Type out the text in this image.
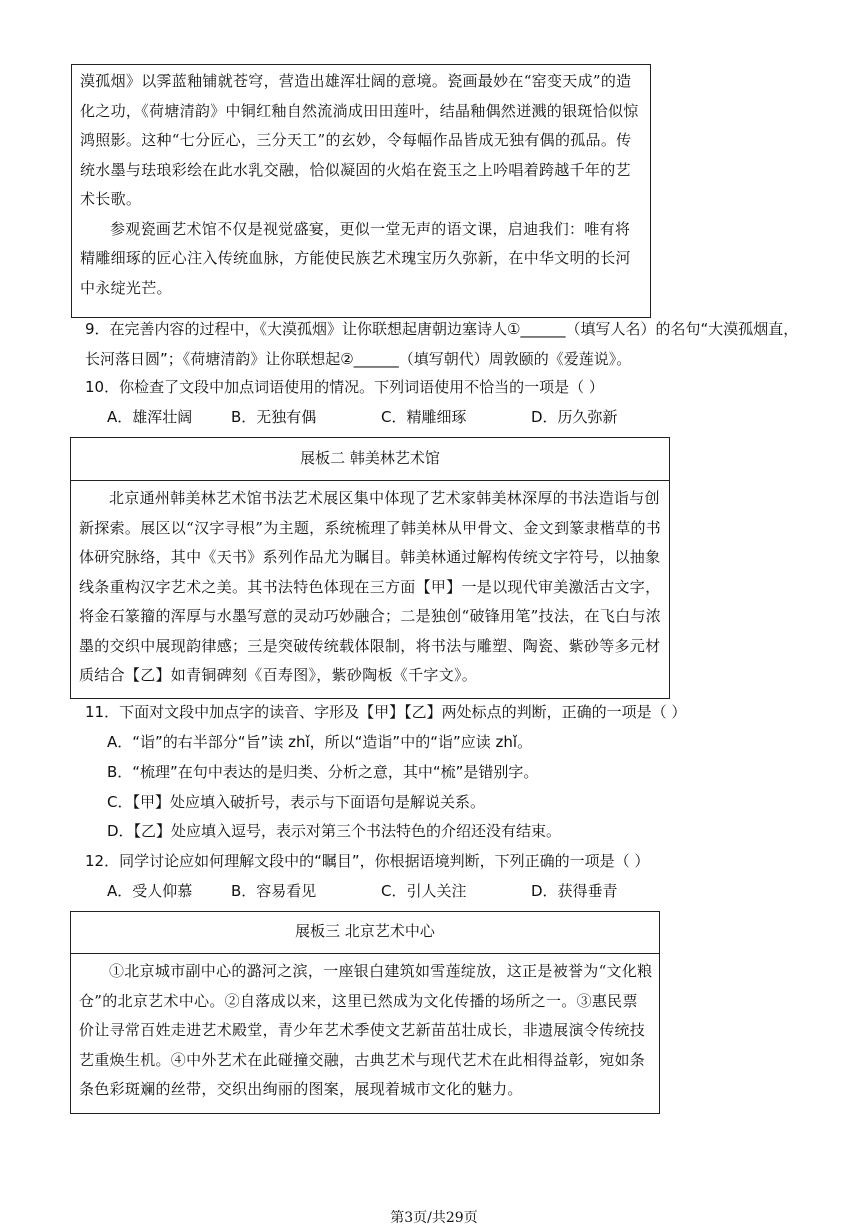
漠孤烟》以霁蓝釉铺就苍穹，营造出雄浑壮阔的意境。瓷画最妙在“窑变天成”的造化之功，《荷塘清韵》中铜红釉自然流淌成田田莲叶，结晶釉偶然迸溅的银斑恰似惊鸿照影。这种“七分匠心，三分天工”的玄妙，令每幅作品皆成无独有偶的孤品。传统水墨与珐琅彩绘在此水乳交融，恰似凝固的火焰在瓷玉之上吟唱着跨越千年的艺术长歌。

参观瓷画艺术馆不仅是视觉盛宴，更似一堂无声的语文课，启迪我们：唯有将精雕细琢的匠心注入传统血脉，方能使民族艺术瑰宝历久弥新，在中华文明的长河中永绽光芒。

9．在完善内容的过程中，《大漠孤烟》让你联想起唐朝边塞诗人①______（填写人名）的名句“大漠孤烟直，
长河落日圆”；《荷塘清韵》让你联想起②______（填写朝代）周敦颐的《爱莲说》。
10．你检查了文段中加点词语使用的情况。下列词语使用不恰当的一项是（ ）
A．雄浑壮阔	B．无独有偶	C．精雕细琢	D．历久弥新
展板二 韩美林艺术馆
北京通州韩美林艺术馆书法艺术展区集中体现了艺术家韩美林深厚的书法造诣与创新探索。展区以“汉字寻根”为主题，系统梳理了韩美林从甲骨文、金文到篆隶楷草的书体研究脉络，其中《天书》系列作品尤为瞩目。韩美林通过解构传统文字符号，以抽象线条重构汉字艺术之美。其书法特色体现在三方面【甲】一是以现代审美激活古文字，将金石篆籀的浑厚与水墨写意的灵动巧妙融合；二是独创“破锋用笔”技法，在飞白与浓墨的交织中展现韵律感；三是突破传统载体限制，将书法与雕塑、陶瓷、紫砂等多元材质结合【乙】如青铜碑刻《百寿图》，紫砂陶板《千字文》。
11．下面对文段中加点字的读音、字形及【甲】【乙】两处标点的判断，正确的一项是（ ）
A．“诣”的右半部分“旨”读 zhǐ，所以“造诣”中的“诣”应读 zhǐ。
B．“梳理”在句中表达的是归类、分析之意，其中“梳”是错别字。
C．【甲】处应填入破折号，表示与下面语句是解说关系。
D．【乙】处应填入逗号，表示对第三个书法特色的介绍还没有结束。
12．同学讨论应如何理解文段中的“瞩目”，你根据语境判断，下列正确的一项是（ ）
A．受人仰慕	B．容易看见	C．引人关注	D．获得垂青
展板三 北京艺术中心
①北京城市副中心的潞河之滨，一座银白建筑如雪莲绽放，这正是被誉为“文化粮仓”的北京艺术中心。②自落成以来，这里已然成为文化传播的场所之一。③惠民票价让寻常百姓走进艺术殿堂，青少年艺术季使文艺新苗茁壮成长，非遗展演令传统技艺重焕生机。④中外艺术在此碰撞交融，古典艺术与现代艺术在此相得益彰，宛如条条色彩斑斓的丝带，交织出绚丽的图案，展现着城市文化的魅力。
第3页/共29页
